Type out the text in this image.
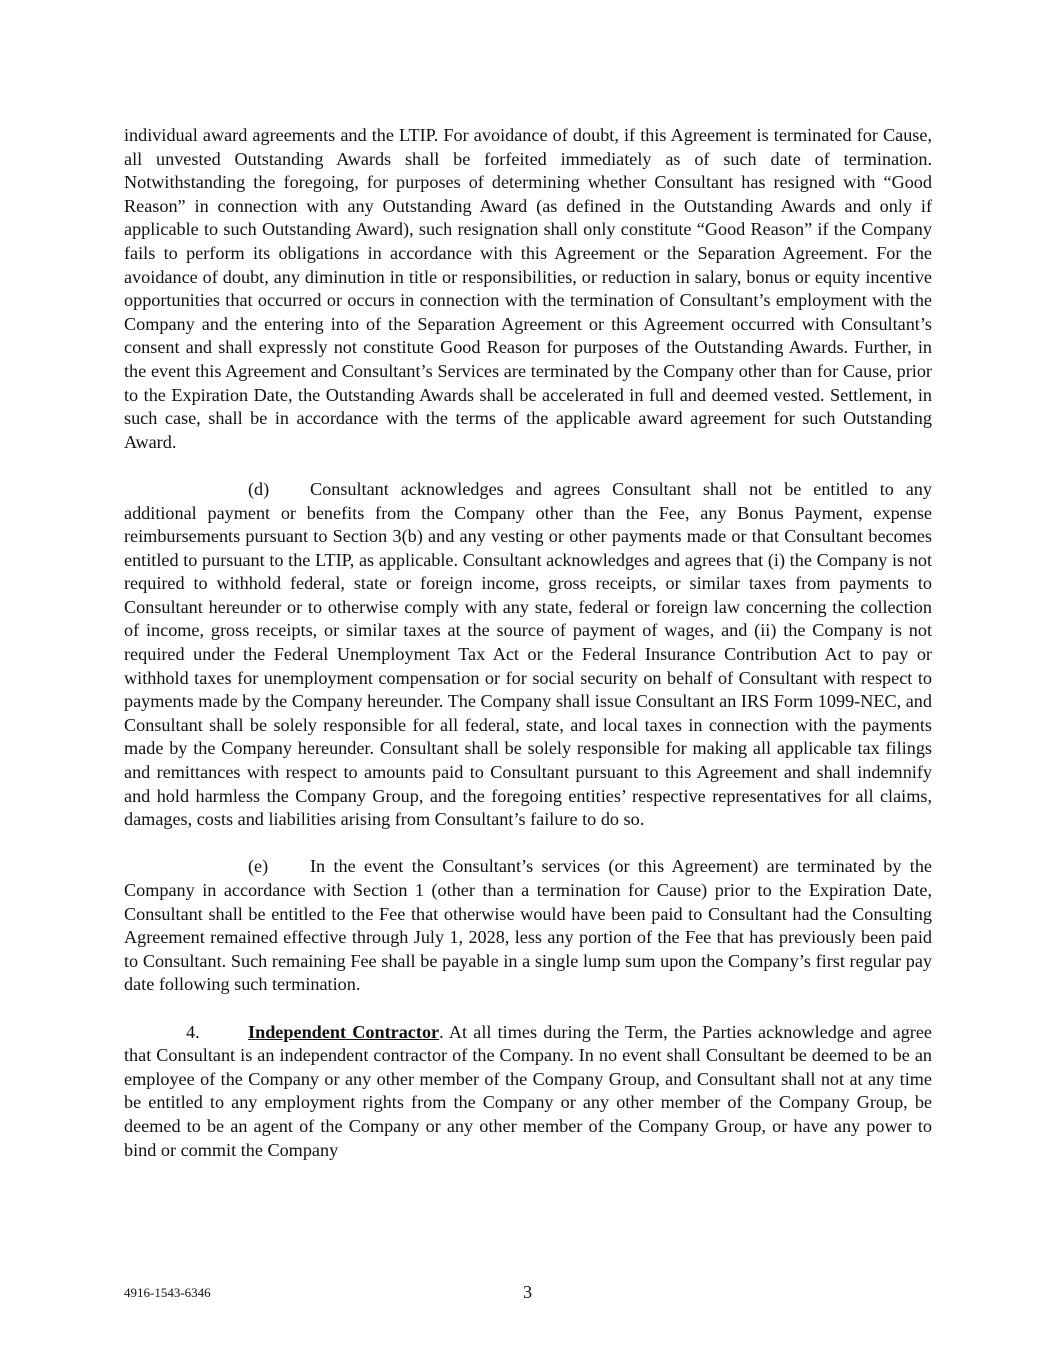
individual award agreements and the LTIP. For avoidance of doubt, if this Agreement is terminated for Cause, all unvested Outstanding Awards shall be forfeited immediately as of such date of termination. Notwithstanding the foregoing, for purposes of determining whether Consultant has resigned with “Good Reason” in connection with any Outstanding Award (as defined in the Outstanding Awards and only if applicable to such Outstanding Award), such resignation shall only constitute “Good Reason” if the Company fails to perform its obligations in accordance with this Agreement or the Separation Agreement. For the avoidance of doubt, any diminution in title or responsibilities, or reduction in salary, bonus or equity incentive opportunities that occurred or occurs in connection with the termination of Consultant’s employment with the Company and the entering into of the Separation Agreement or this Agreement occurred with Consultant’s consent and shall expressly not constitute Good Reason for purposes of the Outstanding Awards. Further, in the event this Agreement and Consultant’s Services are terminated by the Company other than for Cause, prior to the Expiration Date, the Outstanding Awards shall be accelerated in full and deemed vested. Settlement, in such case, shall be in accordance with the terms of the applicable award agreement for such Outstanding Award.

(d) Consultant acknowledges and agrees Consultant shall not be entitled to any additional payment or benefits from the Company other than the Fee, any Bonus Payment, expense reimbursements pursuant to Section 3(b) and any vesting or other payments made or that Consultant becomes entitled to pursuant to the LTIP, as applicable. Consultant acknowledges and agrees that (i) the Company is not required to withhold federal, state or foreign income, gross receipts, or similar taxes from payments to Consultant hereunder or to otherwise comply with any state, federal or foreign law concerning the collection of income, gross receipts, or similar taxes at the source of payment of wages, and (ii) the Company is not required under the Federal Unemployment Tax Act or the Federal Insurance Contribution Act to pay or withhold taxes for unemployment compensation or for social security on behalf of Consultant with respect to payments made by the Company hereunder. The Company shall issue Consultant an IRS Form 1099-NEC, and Consultant shall be solely responsible for all federal, state, and local taxes in connection with the payments made by the Company hereunder. Consultant shall be solely responsible for making all applicable tax filings and remittances with respect to amounts paid to Consultant pursuant to this Agreement and shall indemnify and hold harmless the Company Group, and the foregoing entities’ respective representatives for all claims, damages, costs and liabilities arising from Consultant’s failure to do so.

(e) In the event the Consultant’s services (or this Agreement) are terminated by the Company in accordance with Section 1 (other than a termination for Cause) prior to the Expiration Date, Consultant shall be entitled to the Fee that otherwise would have been paid to Consultant had the Consulting Agreement remained effective through July 1, 2028, less any portion of the Fee that has previously been paid to Consultant. Such remaining Fee shall be payable in a single lump sum upon the Company’s first regular pay date following such termination.

4.	Independent Contractor. At all times during the Term, the Parties acknowledge and agree that Consultant is an independent contractor of the Company. In no event shall Consultant be deemed to be an employee of the Company or any other member of the Company Group, and Consultant shall not at any time be entitled to any employment rights from the Company or any other member of the Company Group, be deemed to be an agent of the Company or any other member of the Company Group, or have any power to bind or commit the Company

4916-1543-6346	3
